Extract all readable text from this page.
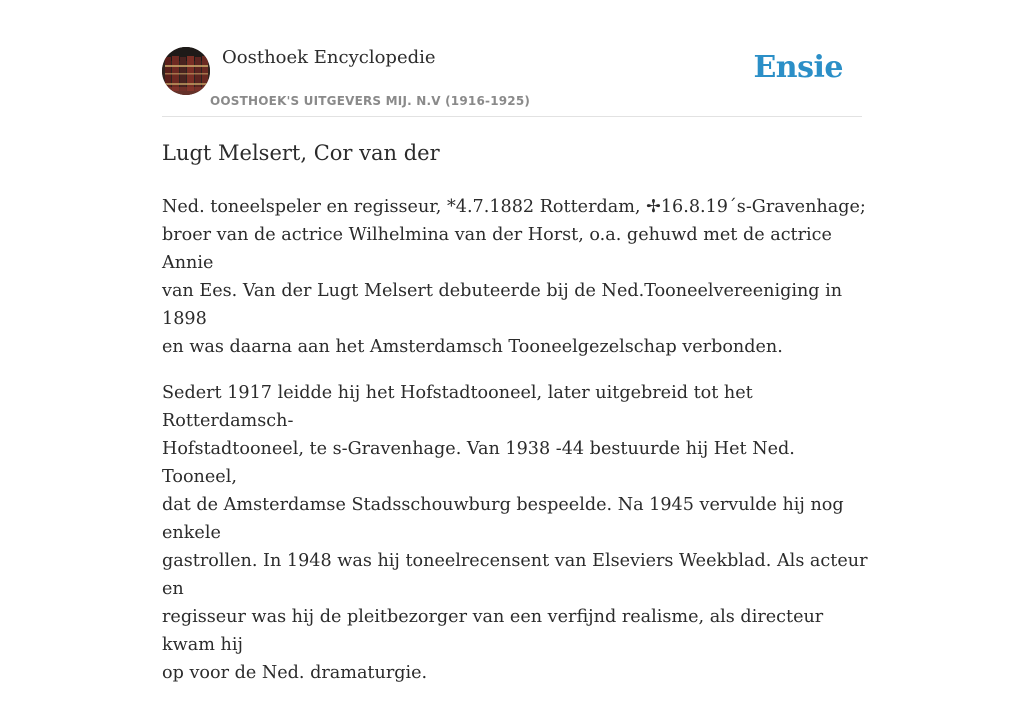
Oosthoek Encyclopedie
OOSTHOEK'S UITGEVERS MIJ. N.V (1916-1925)
Ensie
Lugt Melsert, Cor van der

Ned. toneelspeler en regisseur, *4.7.1882 Rotterdam, ✢16.8.19´s-Gravenhage;
broer van de actrice Wilhelmina van der Horst, o.a. gehuwd met de actrice Annie
van Ees. Van der Lugt Melsert debuteerde bij de Ned.Tooneelvereeniging in 1898
en was daarna aan het Amsterdamsch Tooneelgezelschap verbonden.

Sedert 1917 leidde hij het Hofstadtooneel, later uitgebreid tot het Rotterdamsch-
Hofstadtooneel, te s-Gravenhage. Van 1938 -44 bestuurde hij Het Ned. Tooneel,
dat de Amsterdamse Stadsschouwburg bespeelde. Na 1945 vervulde hij nog enkele
gastrollen. In 1948 was hij toneelrecensent van Elseviers Weekblad. Als acteur en
regisseur was hij de pleitbezorger van een verfijnd realisme, als directeur kwam hij
op voor de Ned. dramaturgie.
